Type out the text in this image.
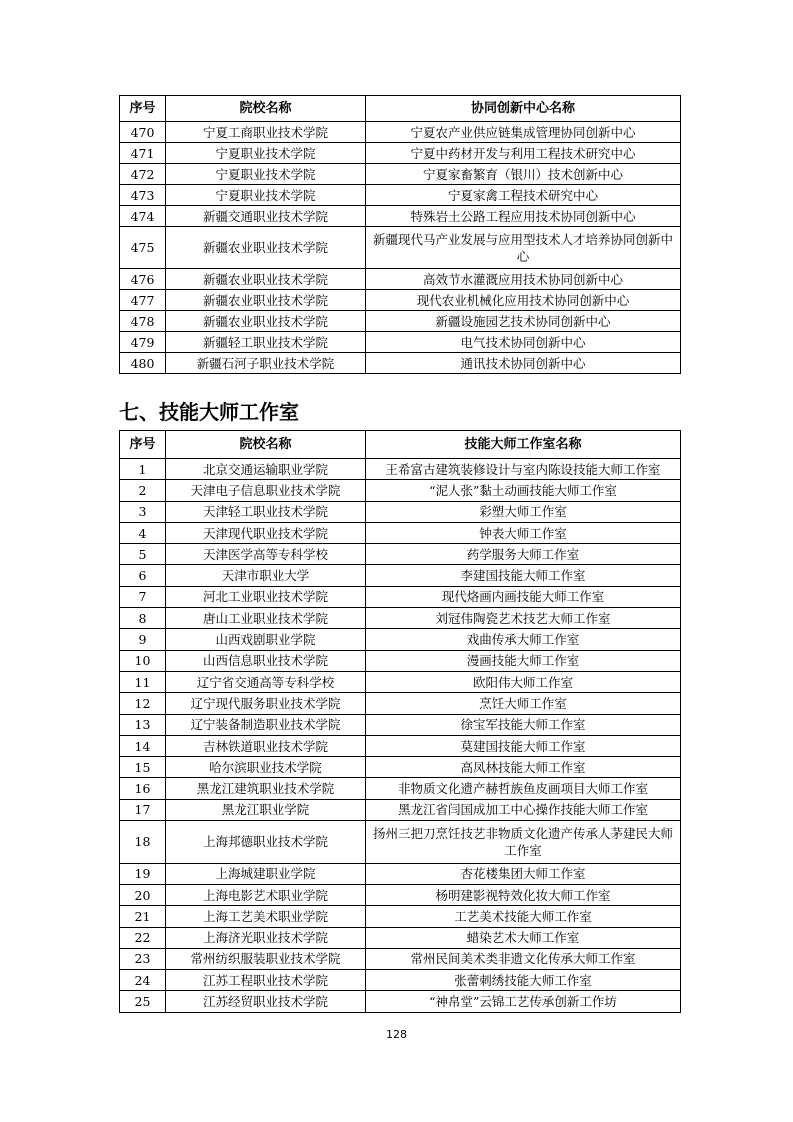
序号	院校名称	协同创新中心名称
470	宁夏工商职业技术学院	宁夏农产业供应链集成管理协同创新中心
471	宁夏职业技术学院	宁夏中药材开发与利用工程技术研究中心
472	宁夏职业技术学院	宁夏家畜繁育（银川）技术创新中心
473	宁夏职业技术学院	宁夏家禽工程技术研究中心
474	新疆交通职业技术学院	特殊岩土公路工程应用技术协同创新中心
475	新疆农业职业技术学院	新疆现代马产业发展与应用型技术人才培养协同创新中心
476	新疆农业职业技术学院	高效节水灌溉应用技术协同创新中心
477	新疆农业职业技术学院	现代农业机械化应用技术协同创新中心
478	新疆农业职业技术学院	新疆设施园艺技术协同创新中心
479	新疆轻工职业技术学院	电气技术协同创新中心
480	新疆石河子职业技术学院	通讯技术协同创新中心
七、技能大师工作室
序号	院校名称	技能大师工作室名称
1	北京交通运输职业学院	王希富古建筑装修设计与室内陈设技能大师工作室
2	天津电子信息职业技术学院	“泥人张”黏土动画技能大师工作室
3	天津轻工职业技术学院	彩塑大师工作室
4	天津现代职业技术学院	钟表大师工作室
5	天津医学高等专科学校	药学服务大师工作室
6	天津市职业大学	李建国技能大师工作室
7	河北工业职业技术学院	现代烙画内画技能大师工作室
8	唐山工业职业技术学院	刘冠伟陶瓷艺术技艺大师工作室
9	山西戏剧职业学院	戏曲传承大师工作室
10	山西信息职业技术学院	漫画技能大师工作室
11	辽宁省交通高等专科学校	欧阳伟大师工作室
12	辽宁现代服务职业技术学院	烹饪大师工作室
13	辽宁装备制造职业技术学院	徐宝军技能大师工作室
14	吉林铁道职业技术学院	莫建国技能大师工作室
15	哈尔滨职业技术学院	高凤林技能大师工作室
16	黑龙江建筑职业技术学院	非物质文化遗产赫哲族鱼皮画项目大师工作室
17	黑龙江职业学院	黑龙江省闫国成加工中心操作技能大师工作室
18	上海邦德职业技术学院	扬州三把刀烹饪技艺非物质文化遗产传承人茅建民大师工作室
19	上海城建职业学院	杏花楼集团大师工作室
20	上海电影艺术职业学院	杨明建影视特效化妆大师工作室
21	上海工艺美术职业学院	工艺美术技能大师工作室
22	上海济光职业技术学院	蜡染艺术大师工作室
23	常州纺织服装职业技术学院	常州民间美术类非遗文化传承大师工作室
24	江苏工程职业技术学院	张蕾刺绣技能大师工作室
25	江苏经贸职业技术学院	“神帛堂”云锦工艺传承创新工作坊
128
